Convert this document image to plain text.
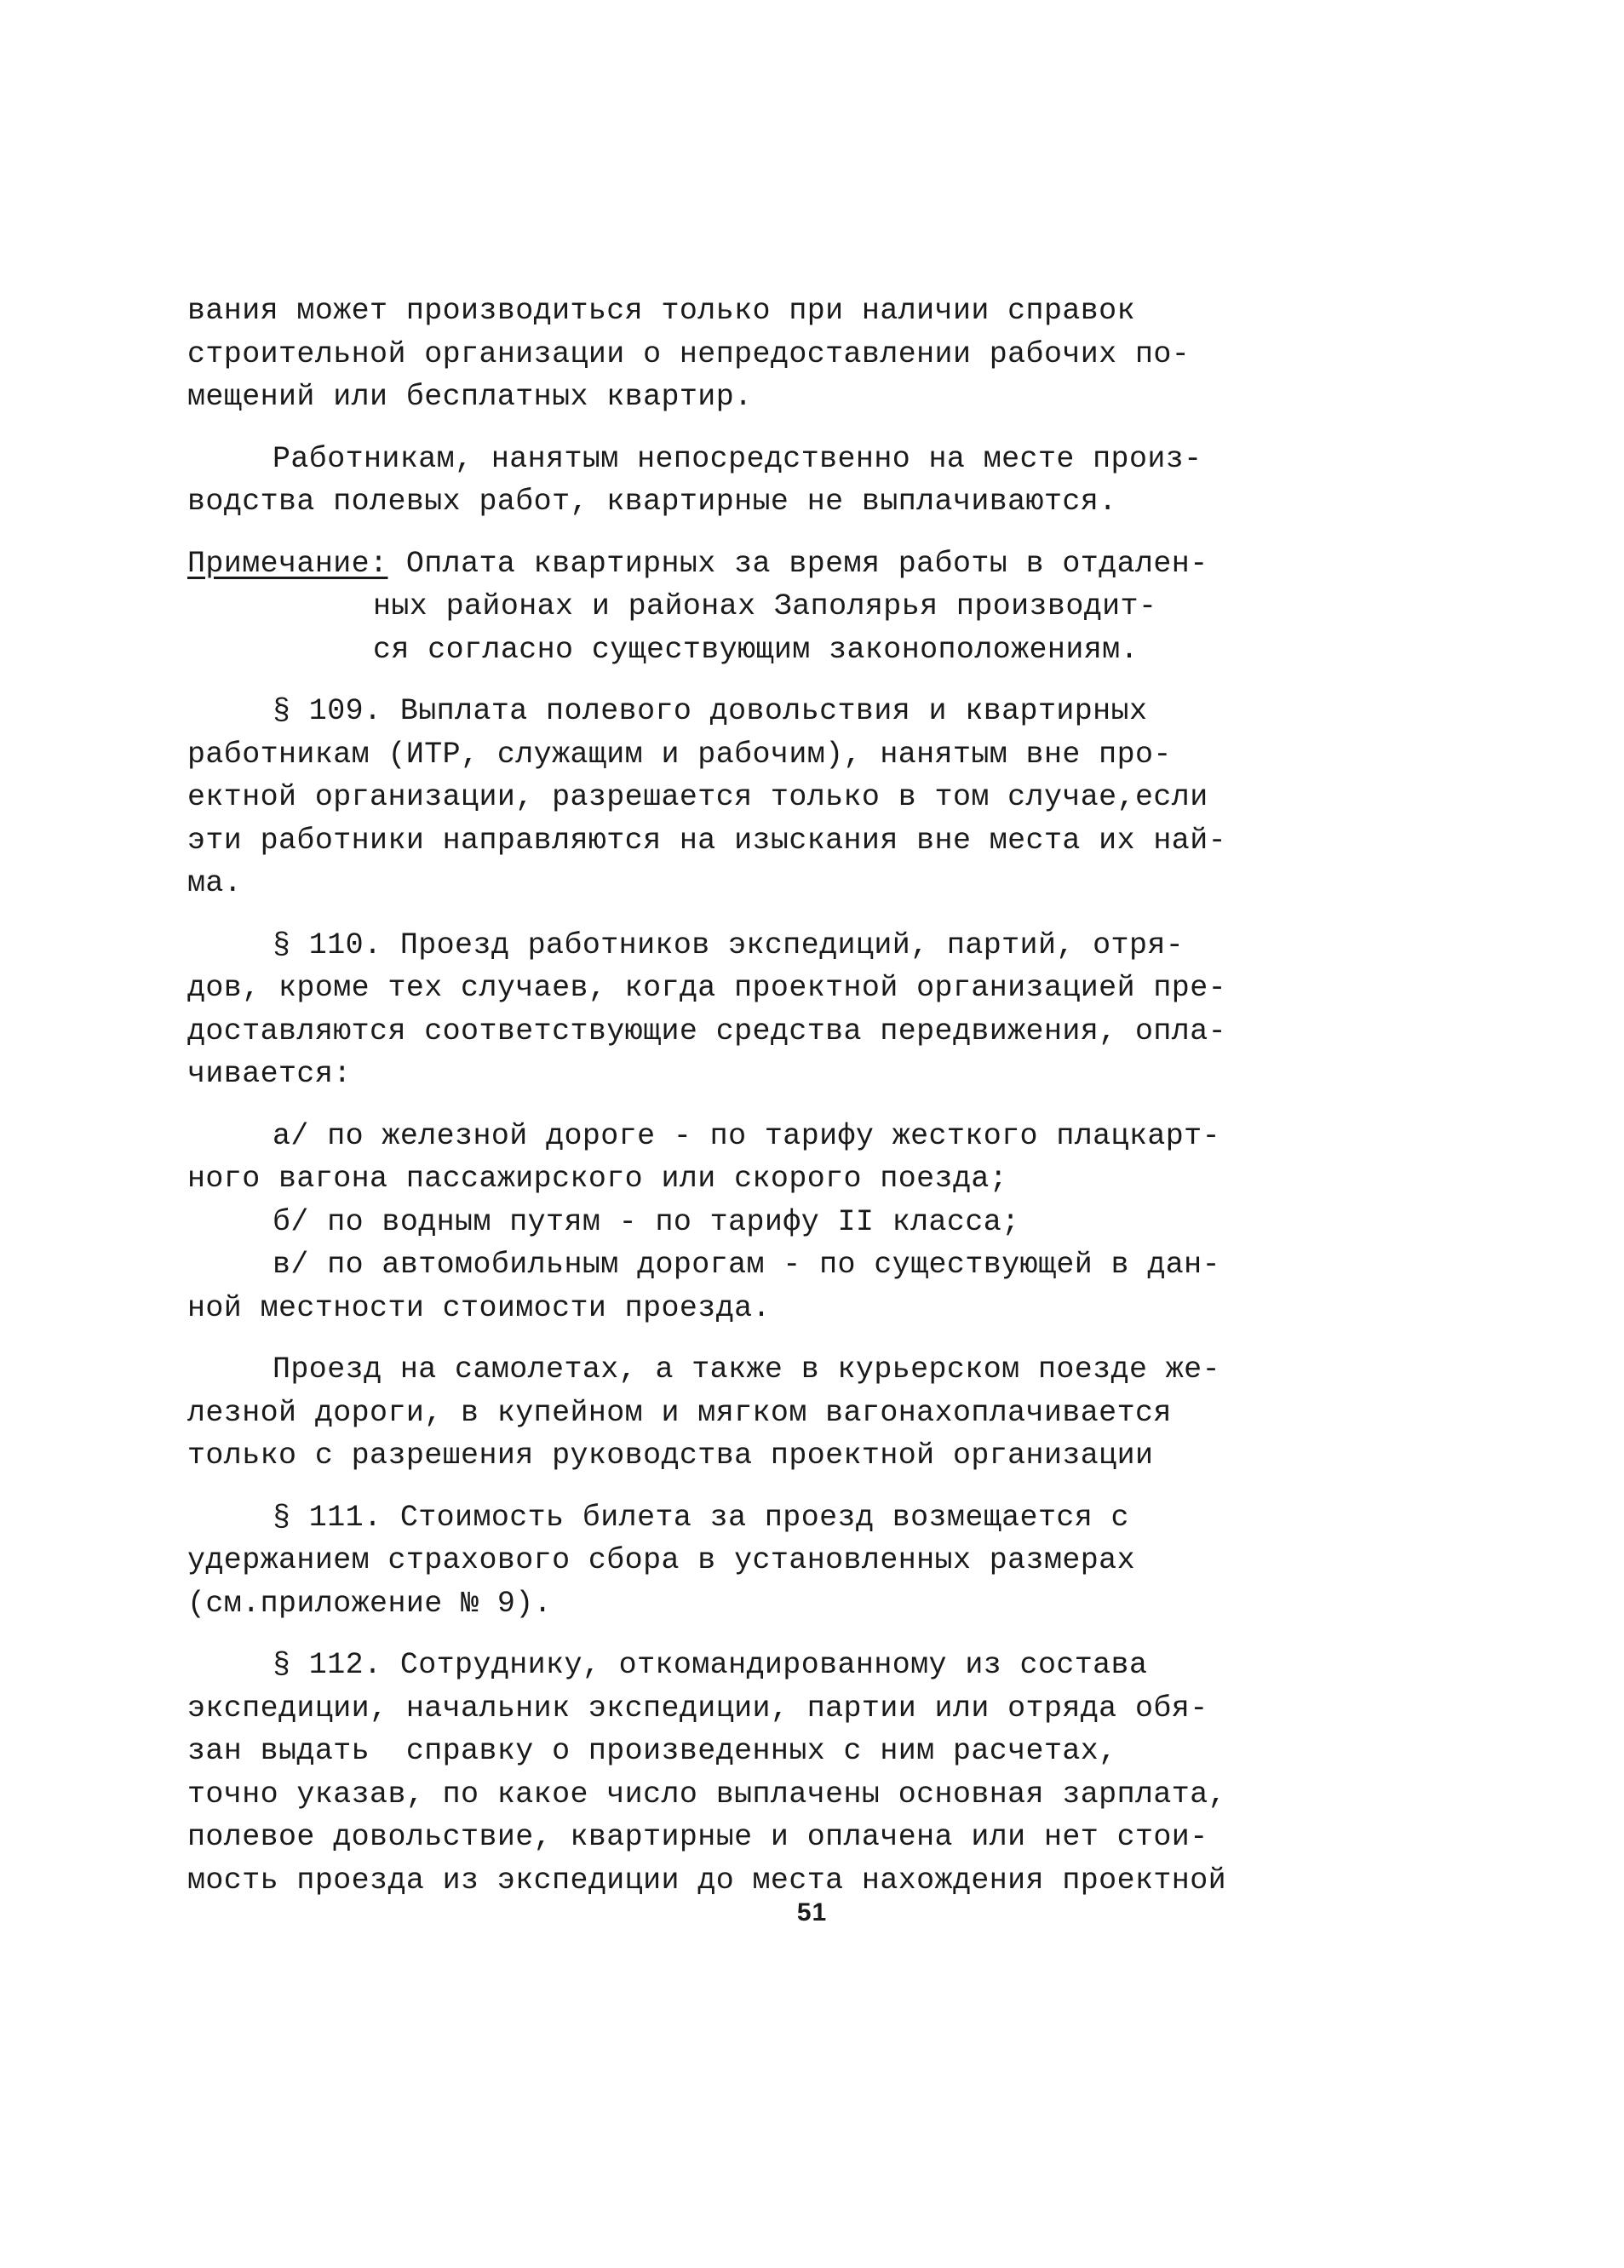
вания может производиться только при наличии справок
строительной организации о непредоставлении рабочих по-
мещений или бесплатных квартир.
Работникам, нанятым непосредственно на месте произ-
водства полевых работ, квартирные не выплачиваются.
Примечание: Оплата квартирных за время работы в отдален-
ных районах и районах Заполярья производит-
ся согласно существующим законоположениям.
§ 109. Выплата полевого довольствия и квартирных
работникам (ИТР, служащим и рабочим), нанятым вне про-
ектной организации, разрешается только в том случае,если
эти работники направляются на изыскания вне места их най-
ма.
§ 110. Проезд работников экспедиций, партий, отря-
дов, кроме тех случаев, когда проектной организацией пре-
доставляются соответствующие средства передвижения, опла-
чивается:
а/ по железной дороге - по тарифу жесткого плацкарт-
ного вагона пассажирского или скорого поезда;
б/ по водным путям - по тарифу II класса;
в/ по автомобильным дорогам - по существующей в дан-
ной местности стоимости проезда.
Проезд на самолетах, а также в курьерском поезде же-
лезной дороги, в купейном и мягком вагонахоплачивается
только с разрешения руководства проектной организации
§ 111. Стоимость билета за проезд возмещается с
удержанием страхового сбора в установленных размерах
(см.приложение № 9).
§ 112. Сотруднику, откомандированному из состава
экспедиции, начальник экспедиции, партии или отряда обя-
зан выдать  справку о произведенных с ним расчетах,
точно указав, по какое число выплачены основная зарплата,
полевое довольствие, квартирные и оплачена или нет стои-
мость проезда из экспедиции до места нахождения проектной
51
